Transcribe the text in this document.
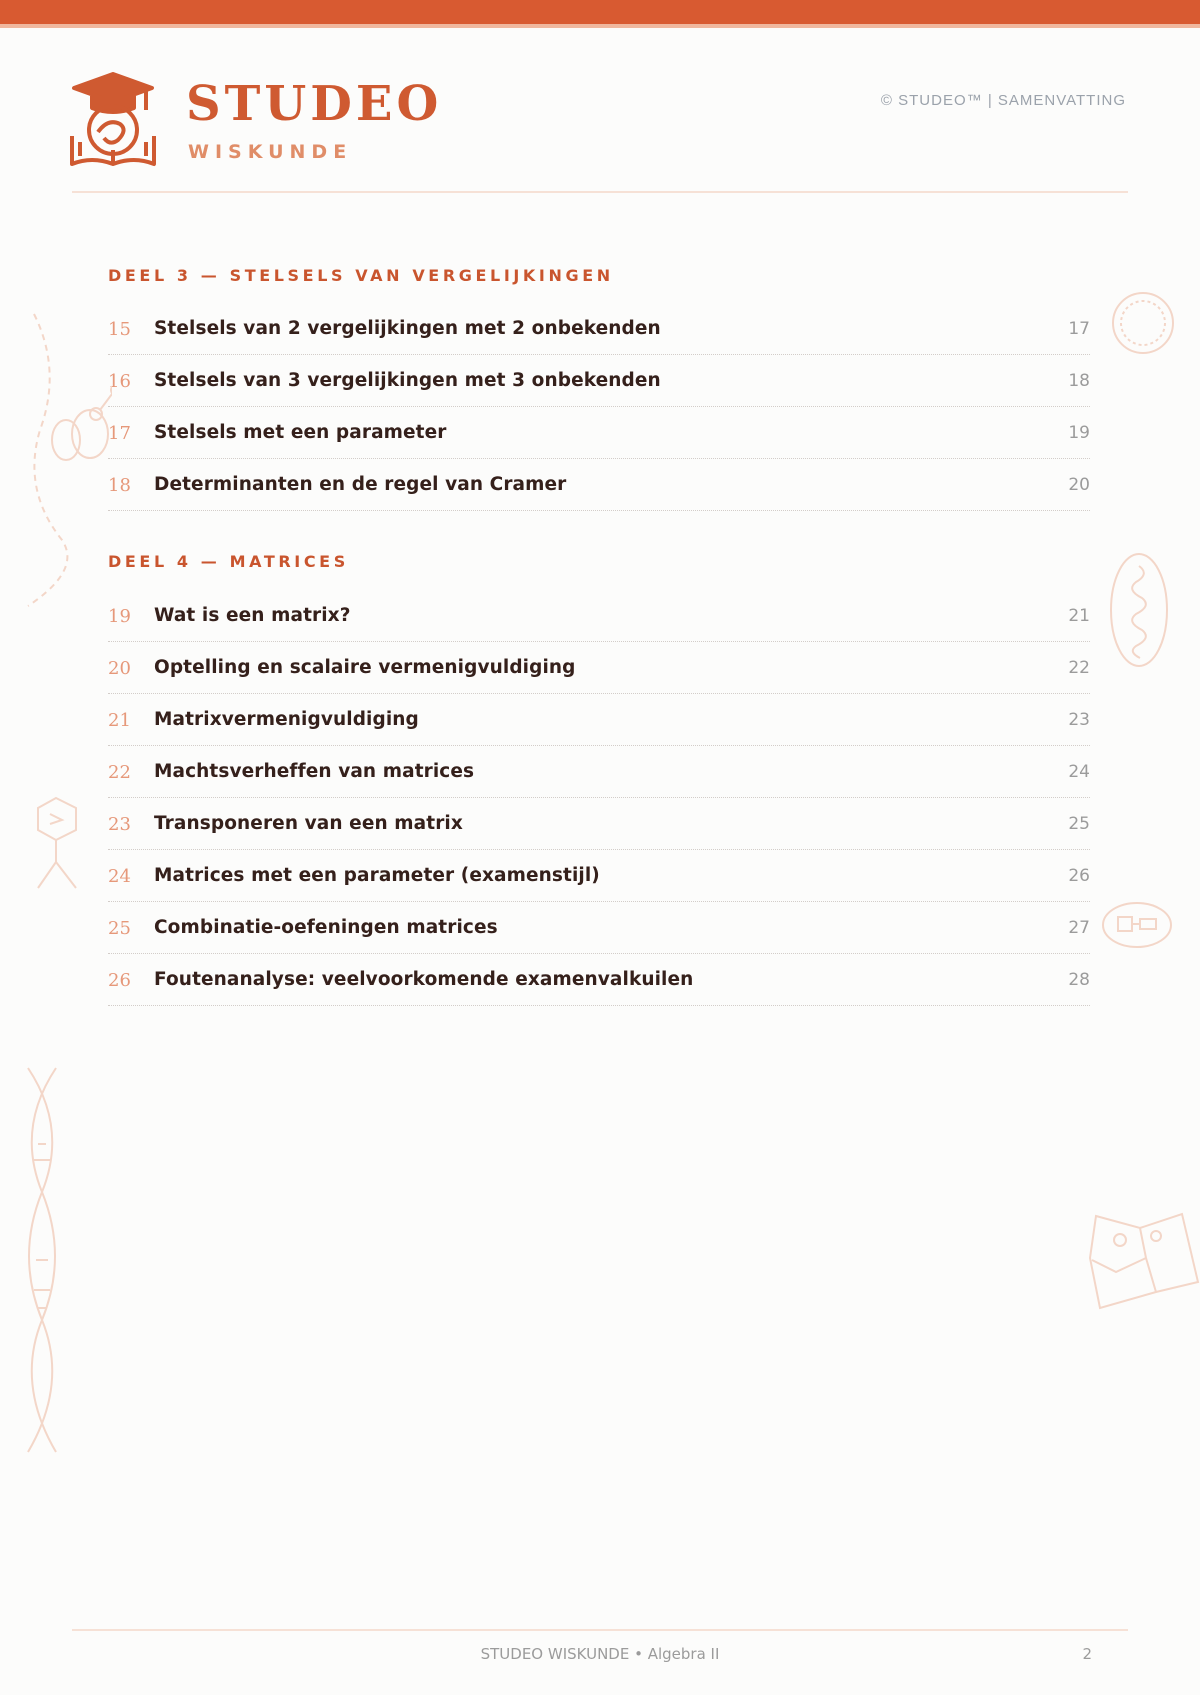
STUDEO
WISKUNDE
© STUDEO™ | SAMENVATTING
DEEL 3 — STELSELS VAN VERGELIJKINGEN
15 Stelsels van 2 vergelijkingen met 2 onbekenden	17
16 Stelsels van 3 vergelijkingen met 3 onbekenden	18
17 Stelsels met een parameter	19
18 Determinanten en de regel van Cramer	20
DEEL 4 — MATRICES
19 Wat is een matrix?	21
20 Optelling en scalaire vermenigvuldiging	22
21 Matrixvermenigvuldiging	23
22 Machtsverheffen van matrices	24
23 Transponeren van een matrix	25
24 Matrices met een parameter (examenstijl)	26
25 Combinatie-oefeningen matrices	27
26 Foutenanalyse: veelvoorkomende examenvalkuilen	28
STUDEO WISKUNDE • Algebra II	2
